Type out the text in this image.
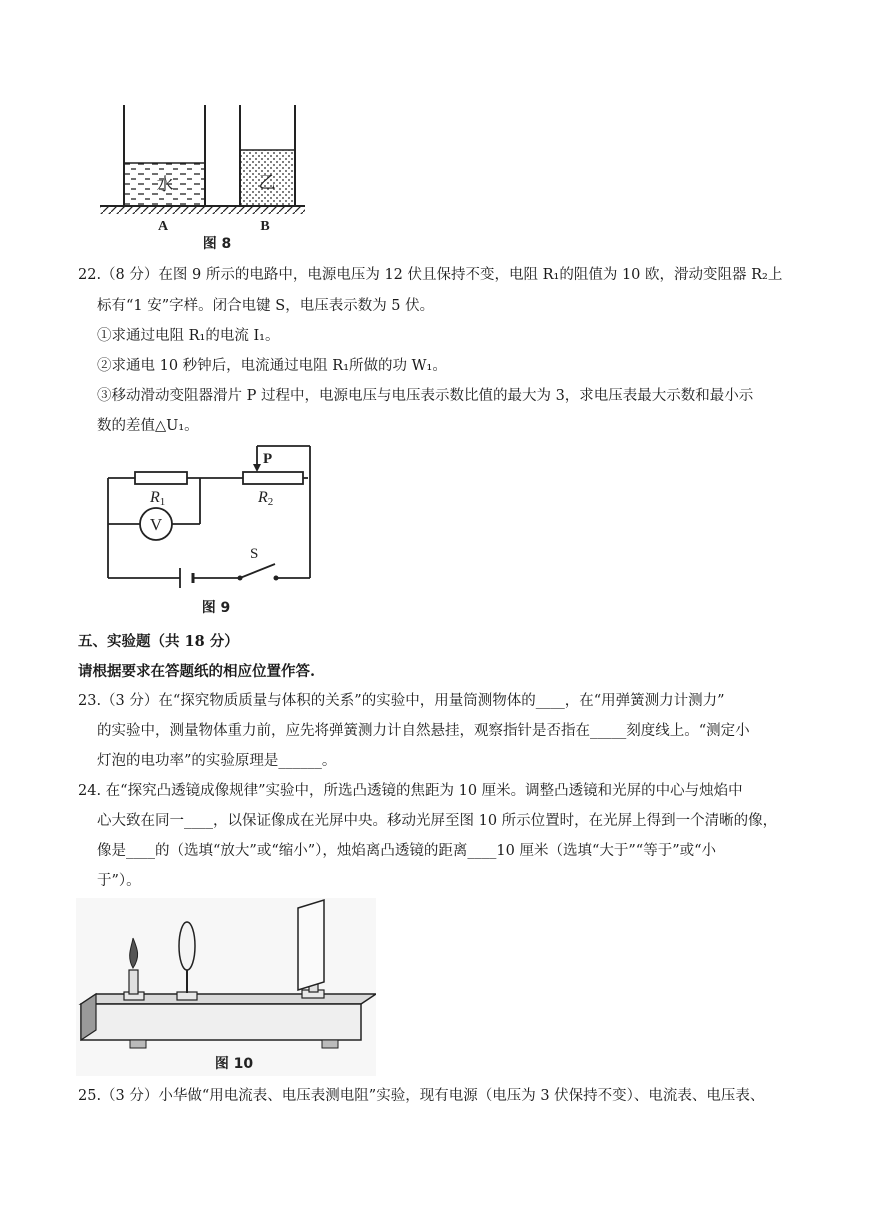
水	乙
A	B
图 8
22.（8 分）在图 9 所示的电路中，电源电压为 12 伏且保持不变，电阻 R₁的阻值为 10 欧，滑动变阻器 R₂上
标有“1 安”字样。闭合电键 S，电压表示数为 5 伏。
①求通过电阻 R₁的电流 I₁。
②求通电 10 秒钟后，电流通过电阻 R₁所做的功 W₁。
③移动滑动变阻器滑片 P 过程中，电源电压与电压表示数比值的最大为 3，求电压表最大示数和最小示
数的差值△U₁。
V
P
R1	R2
S
图 9
五、实验题（共 18 分）
请根据要求在答题纸的相应位置作答.
23.（3 分）在“探究物质质量与体积的关系”的实验中，用量筒测物体的____，在“用弹簧测力计测力”
的实验中，测量物体重力前，应先将弹簧测力计自然悬挂，观察指针是否指在_____刻度线上。“测定小
灯泡的电功率”的实验原理是______。
24. 在“探究凸透镜成像规律”实验中，所选凸透镜的焦距为 10 厘米。调整凸透镜和光屏的中心与烛焰中
心大致在同一____，以保证像成在光屏中央。移动光屏至图 10 所示位置时，在光屏上得到一个清晰的像，
像是____的（选填“放大”或“缩小”），烛焰离凸透镜的距离____10 厘米（选填“大于”“等于”或“小
于”）。
图 10
25.（3 分）小华做“用电流表、电压表测电阻”实验，现有电源（电压为 3 伏保持不变）、电流表、电压表、
